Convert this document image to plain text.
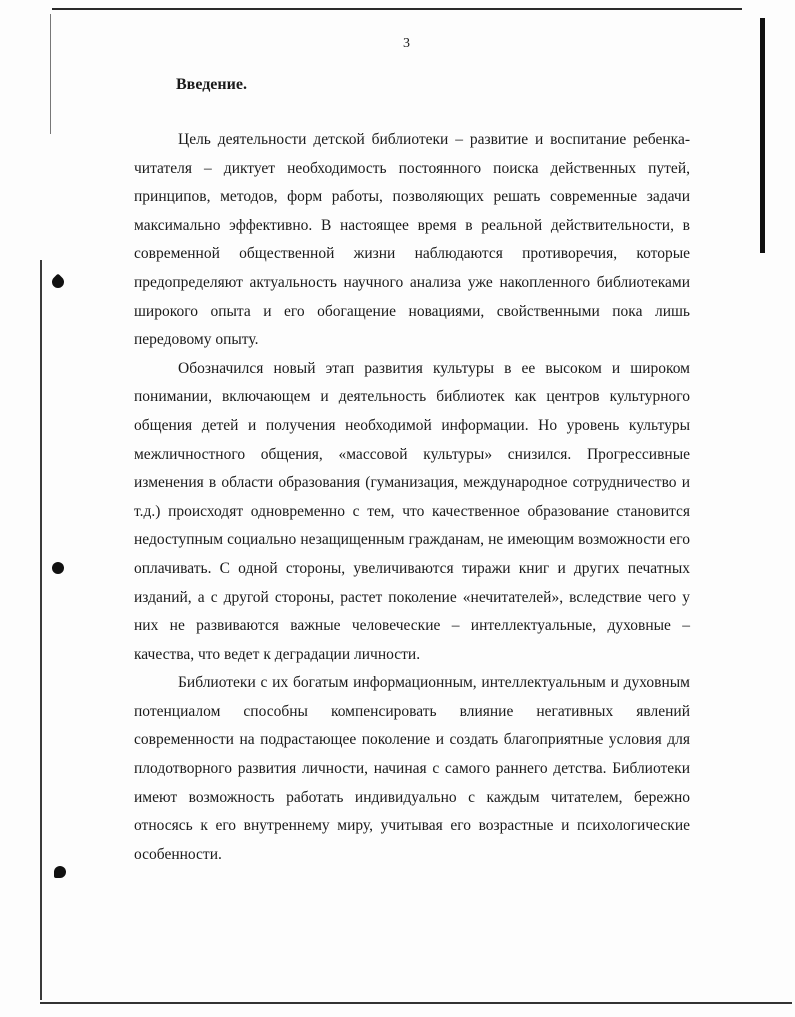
3
Введение.

Цель деятельности детской библиотеки – развитие и воспитание ребенка-читателя – диктует необходимость постоянного поиска действенных путей, принципов, методов, форм работы, позволяющих решать современные задачи максимально эффективно. В настоящее время в реальной действительности, в современной общественной жизни наблюдаются противоречия, которые предопределяют актуальность научного анализа уже накопленного библиотеками широкого опыта и его обогащение новациями, свойственными пока лишь передовому опыту.

Обозначился новый этап развития культуры в ее высоком и широком понимании, включающем и деятельность библиотек как центров культурного общения детей и получения необходимой информации. Но уровень культуры межличностного общения, «массовой культуры» снизился. Прогрессивные изменения в области образования (гуманизация, международное сотрудничество и т.д.) происходят одновременно с тем, что качественное образование становится недоступным социально незащищенным гражданам, не имеющим возможности его оплачивать. С одной стороны, увеличиваются тиражи книг и других печатных изданий, а с другой стороны, растет поколение «нечитателей», вследствие чего у них не развиваются важные человеческие – интеллектуальные, духовные – качества, что ведет к деградации личности.

Библиотеки с их богатым информационным, интеллектуальным и духовным потенциалом способны компенсировать влияние негативных явлений современности на подрастающее поколение и создать благоприятные условия для плодотворного развития личности, начиная с самого раннего детства. Библиотеки имеют возможность работать индивидуально с каждым читателем, бережно относясь к его внутреннему миру, учитывая его возрастные и психологические особенности.
